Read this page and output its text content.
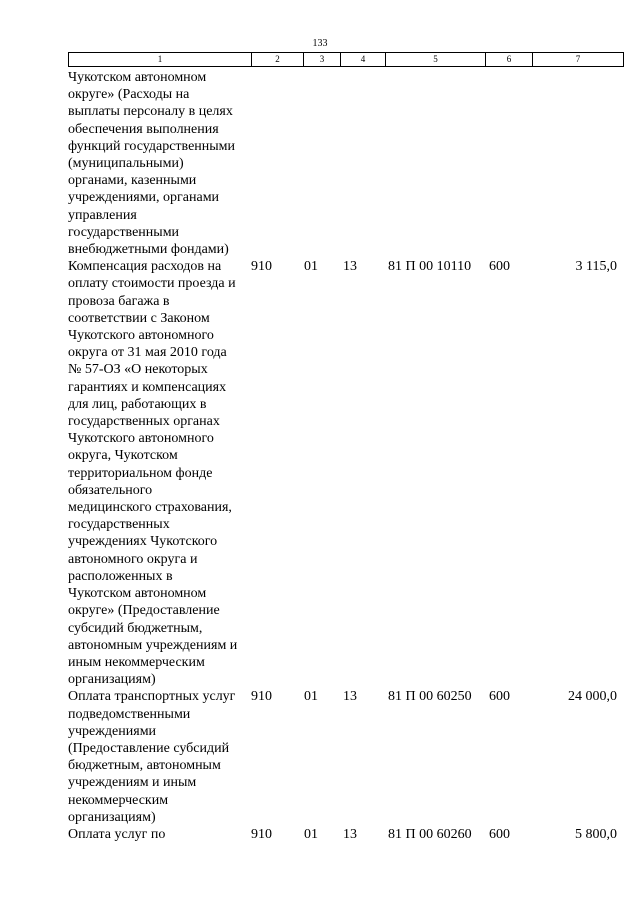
133
1	2	3	4	5	6	7
Чукотском автономном
округе» (Расходы на
выплаты персоналу в целях
обеспечения выполнения
функций государственными
(муниципальными)
органами, казенными
учреждениями, органами
управления
государственными
внебюджетными фондами)
Компенсация расходов на
оплату стоимости проезда и
провоза багажа в
соответствии с Законом
Чукотского автономного
округа от 31 мая 2010 года
№ 57-ОЗ «О некоторых
гарантиях и компенсациях
для лиц, работающих в
государственных органах
Чукотского автономного
округа, Чукотском
территориальном фонде
обязательного
медицинского страхования,
государственных
учреждениях Чукотского
автономного округа и
расположенных в
Чукотском автономном
округе» (Предоставление
субсидий бюджетным,
автономным учреждениям и
иным некоммерческим
организациям)
910	01	13	81 П 00 10110	600	3 115,0
Оплата транспортных услуг
подведомственными
учреждениями
(Предоставление субсидий
бюджетным, автономным
учреждениям и иным
некоммерческим
организациям)
910	01	13	81 П 00 60250	600	24 000,0
Оплата услуг по	910	01	13	81 П 00 60260	600	5 800,0
